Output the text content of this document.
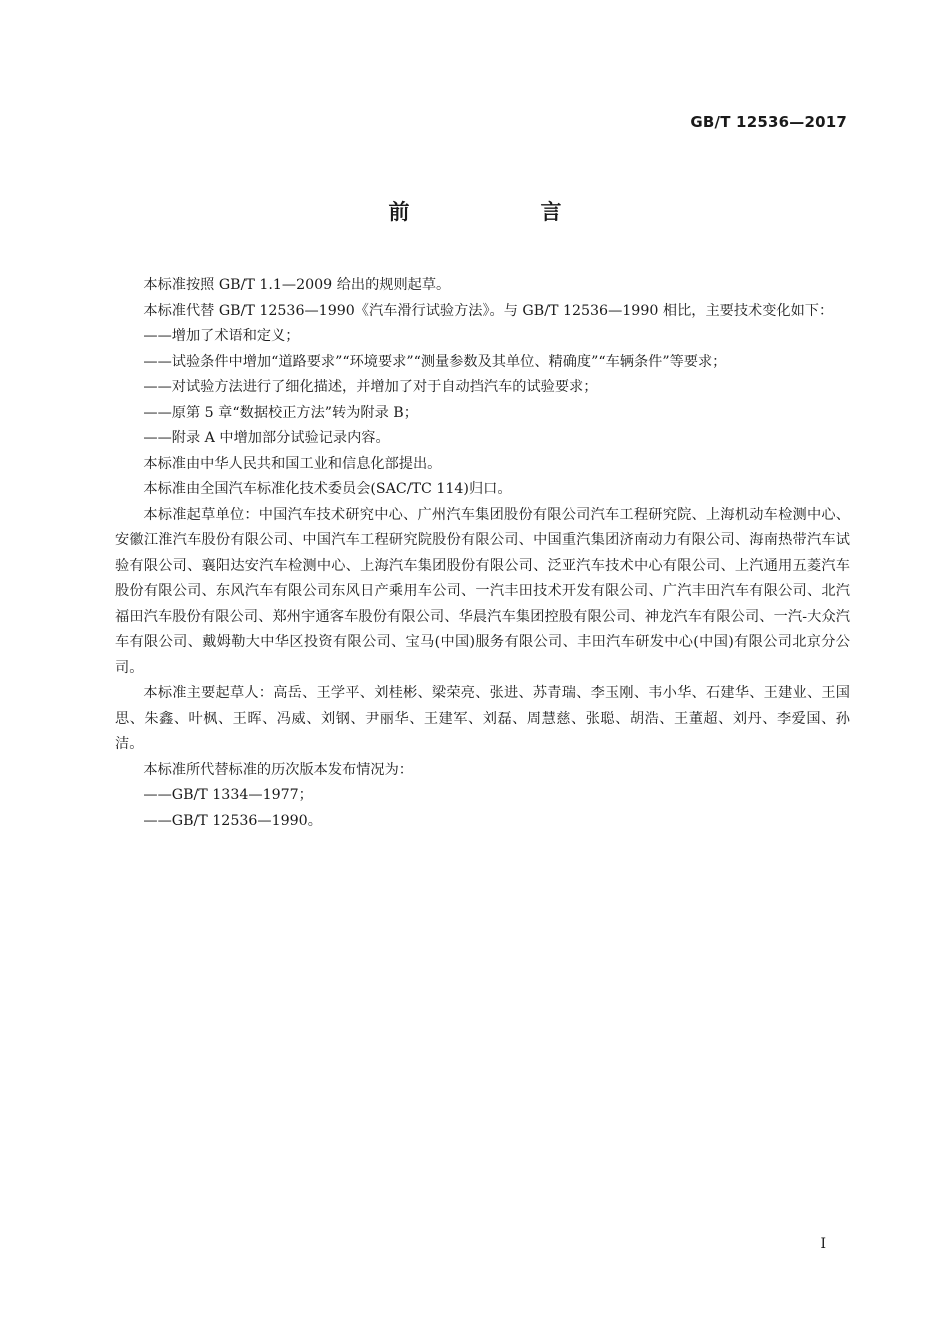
GB/T 12536—2017
前　言

本标准按照 GB/T 1.1—2009 给出的规则起草。

本标准代替 GB/T 12536—1990《汽车滑行试验方法》。与 GB/T 12536—1990 相比，主要技术变化如下：

——增加了术语和定义；

——试验条件中增加“道路要求”“环境要求”“测量参数及其单位、精确度”“车辆条件”等要求；

——对试验方法进行了细化描述，并增加了对于自动挡汽车的试验要求；

——原第 5 章“数据校正方法”转为附录 B；

——附录 A 中增加部分试验记录内容。

本标准由中华人民共和国工业和信息化部提出。

本标准由全国汽车标准化技术委员会(SAC/TC 114)归口。

本标准起草单位：中国汽车技术研究中心、广州汽车集团股份有限公司汽车工程研究院、上海机动车检测中心、安徽江淮汽车股份有限公司、中国汽车工程研究院股份有限公司、中国重汽集团济南动力有限公司、海南热带汽车试验有限公司、襄阳达安汽车检测中心、上海汽车集团股份有限公司、泛亚汽车技术中心有限公司、上汽通用五菱汽车股份有限公司、东风汽车有限公司东风日产乘用车公司、一汽丰田技术开发有限公司、广汽丰田汽车有限公司、北汽福田汽车股份有限公司、郑州宇通客车股份有限公司、华晨汽车集团控股有限公司、神龙汽车有限公司、一汽-大众汽车有限公司、戴姆勒大中华区投资有限公司、宝马(中国)服务有限公司、丰田汽车研发中心(中国)有限公司北京分公司。

本标准主要起草人：高岳、王学平、刘桂彬、梁荣亮、张进、苏青瑞、李玉刚、韦小华、石建华、王建业、王国思、朱鑫、叶枫、王晖、冯威、刘钢、尹丽华、王建军、刘磊、周慧慈、张聪、胡浩、王董超、刘丹、李爱国、孙洁。

本标准所代替标准的历次版本发布情况为：

——GB/T 1334—1977；

——GB/T 12536—1990。

I
